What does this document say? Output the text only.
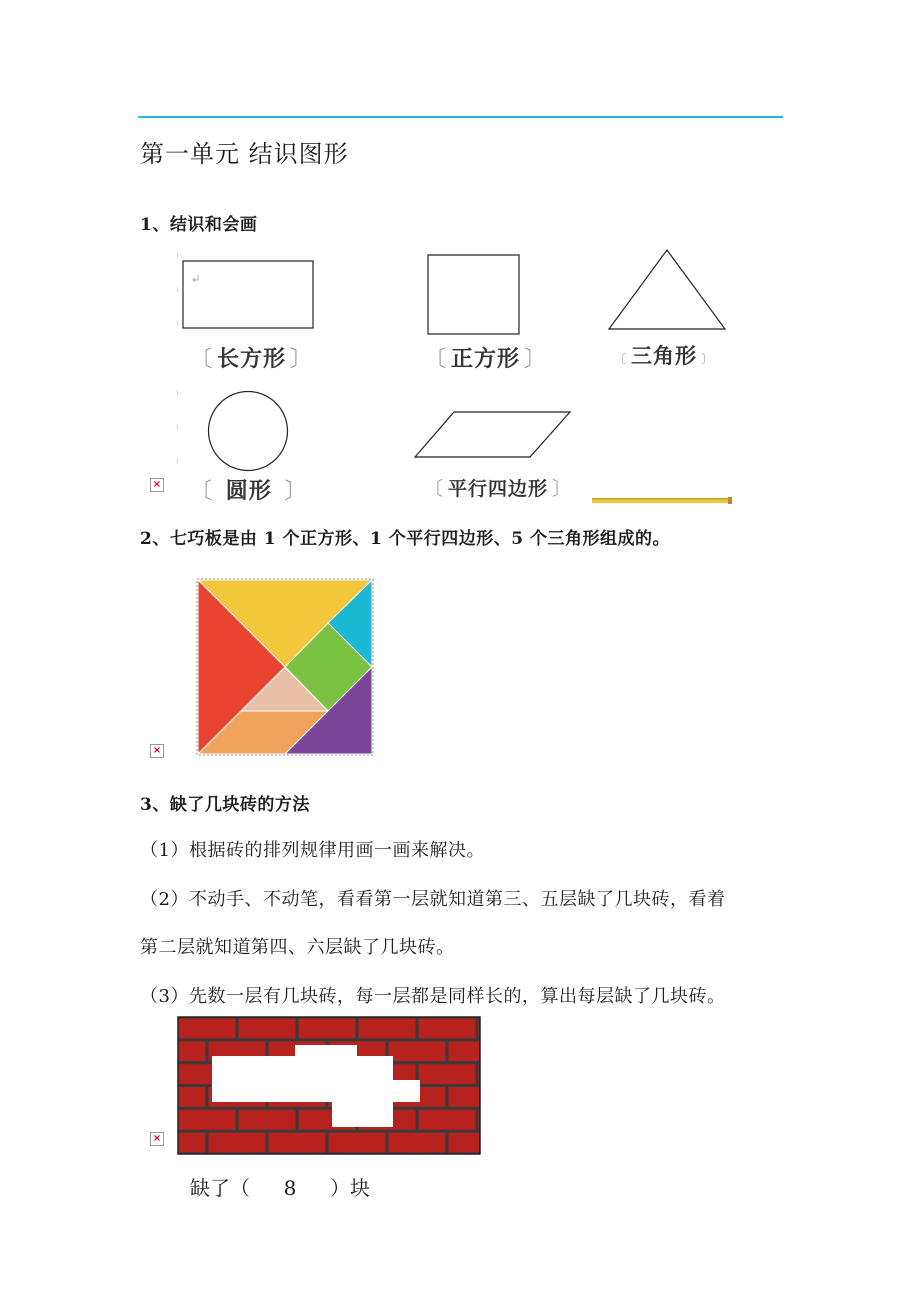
第一单元 结识图形
1、结识和会画
⁾
⁾
⁾
⁾
⁾
⁾
〔 长方形 〕	〔 正方形 〕	〔 三角形 〕
〔 圆形 〕	〔 平行四边形 〕
×
2、七巧板是由 1 个正方形、1 个平行四边形、5 个三角形组成的。
×
3、缺了几块砖的方法
（1）根据砖的排列规律用画一画来解决。
（2）不动手、不动笔，看看第一层就知道第三、五层缺了几块砖，看着
第二层就知道第四、六层缺了几块砖。
（3）先数一层有几块砖，每一层都是同样长的，算出每层缺了几块砖。
×
缺了（ 8 ）块
